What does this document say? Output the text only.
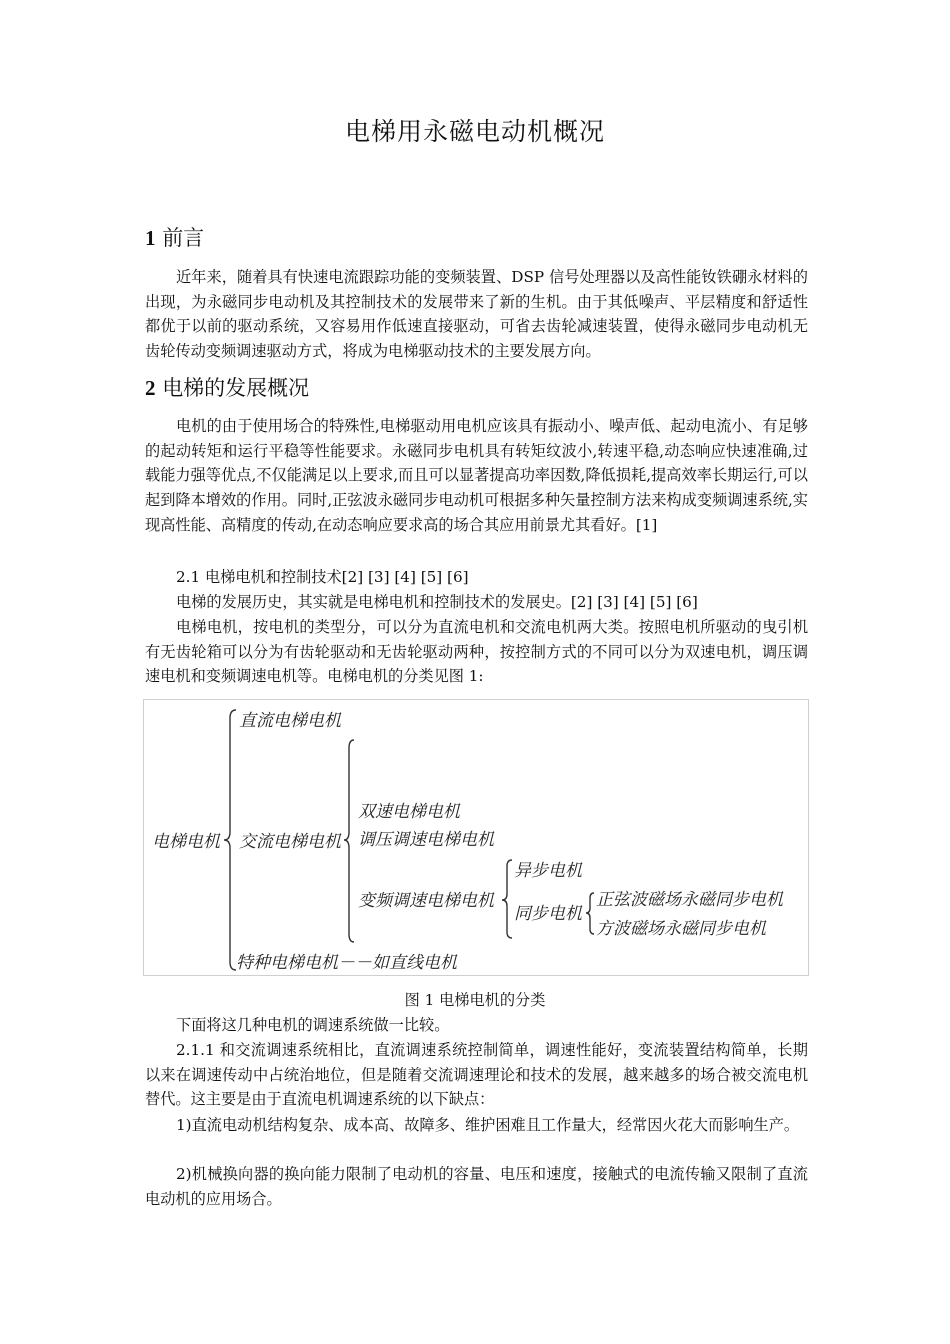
电梯用永磁电动机概况
1 前言

近年来，随着具有快速电流跟踪功能的变频装置、DSP 信号处理器以及高性能钕铁硼永材料的出现，为永磁同步电动机及其控制技术的发展带来了新的生机。由于其低噪声、平层精度和舒适性都优于以前的驱动系统，又容易用作低速直接驱动，可省去齿轮减速装置，使得永磁同步电动机无齿轮传动变频调速驱动方式，将成为电梯驱动技术的主要发展方向。

2 电梯的发展概况

电机的由于使用场合的特殊性,电梯驱动用电机应该具有振动小、噪声低、起动电流小、有足够的起动转矩和运行平稳等性能要求。永磁同步电机具有转矩纹波小,转速平稳,动态响应快速准确,过载能力强等优点,不仅能满足以上要求,而且可以显著提高功率因数,降低损耗,提高效率长期运行,可以起到降本增效的作用。同时,正弦波永磁同步电动机可根据多种矢量控制方法来构成变频调速系统,实现高性能、高精度的传动,在动态响应要求高的场合其应用前景尤其看好。[1]

2.1 电梯电机和控制技术[2] [3] [4] [5] [6]

电梯的发展历史，其实就是电梯电机和控制技术的发展史。[2] [3] [4] [5] [6]

电梯电机，按电机的类型分，可以分为直流电机和交流电机两大类。按照电机所驱动的曳引机有无齿轮箱可以分为有齿轮驱动和无齿轮驱动两种，按控制方式的不同可以分为双速电机，调压调速电机和变频调速电机等。电梯电机的分类见图 1:

电梯电机
直流电梯电机
交流电梯电机
特种电梯电机－－如直线电机
双速电梯电机
调压调速电梯电机
变频调速电梯电机
异步电机
同步电机
正弦波磁场永磁同步电机
方波磁场永磁同步电机
图 1 电梯电机的分类

下面将这几种电机的调速系统做一比较。

2.1.1 和交流调速系统相比，直流调速系统控制简单，调速性能好，变流装置结构简单，长期以来在调速传动中占统治地位，但是随着交流调速理论和技术的发展，越来越多的场合被交流电机替代。这主要是由于直流电机调速系统的以下缺点：

1)直流电动机结构复杂、成本高、故障多、维护困难且工作量大，经常因火花大而影响生产。

2)机械换向器的换向能力限制了电动机的容量、电压和速度，接触式的电流传输又限制了直流电动机的应用场合。
